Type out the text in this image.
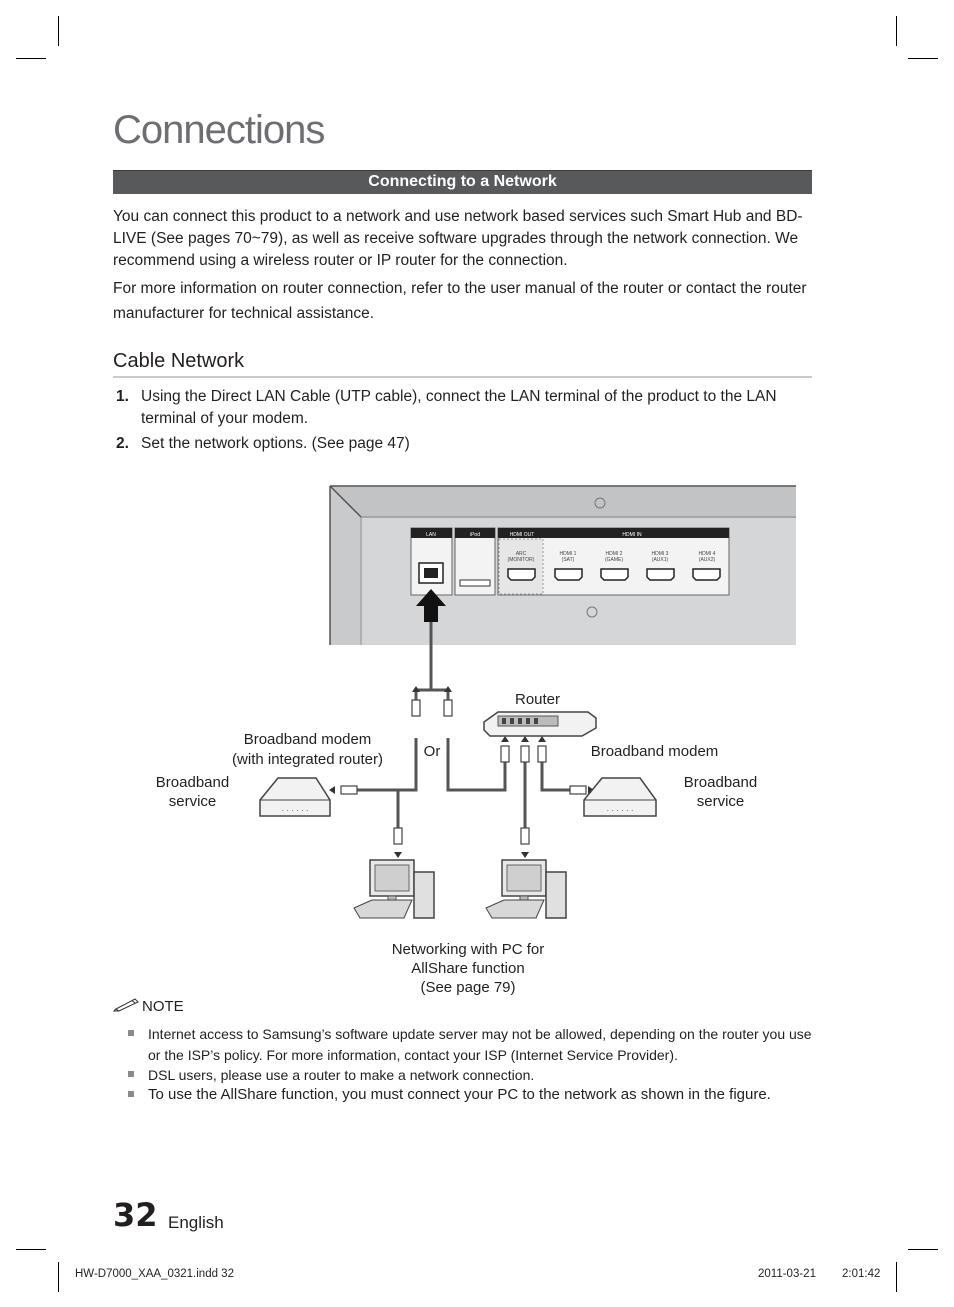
Connections
Connecting to a Network

You can connect this product to a network and use network based services such Smart Hub and BD-LIVE (See pages 70~79), as well as receive software upgrades through the network connection. We recommend using a wireless router or IP router for the connection.

For more information on router connection, refer to the user manual of the router or contact the router manufacturer for technical assistance.

Cable Network
1. Using the Direct LAN Cable (UTP cable), connect the LAN terminal of the product to the LAN terminal of your modem.
2. Set the network options. (See page 47)
LAN	iPod	HDMI OUT	HDMI IN
ARC
(MONITOR)
HDMI 1
(SAT)
HDMI 2
(GAME)
HDMI 3
(AUX1)
HDMI 4
(AUX2)
· · · · · ·	· · · · · ·
Router
Broadband modem
(with integrated router)	Or	Broadband modem
Broadband
service
Broadband
service
Networking with PC for
AllShare function
(See page 79)
NOTE
Internet access to Samsung’s software update server may not be allowed, depending on the router you use or the ISP’s policy. For more information, contact your ISP (Internet Service Provider).
DSL users, please use a router to make a network connection.
To use the AllShare function, you must connect your PC to the network as shown in the figure.
32 English
HW-D7000_XAA_0321.indd 32	2011-03-21 2:01:42
